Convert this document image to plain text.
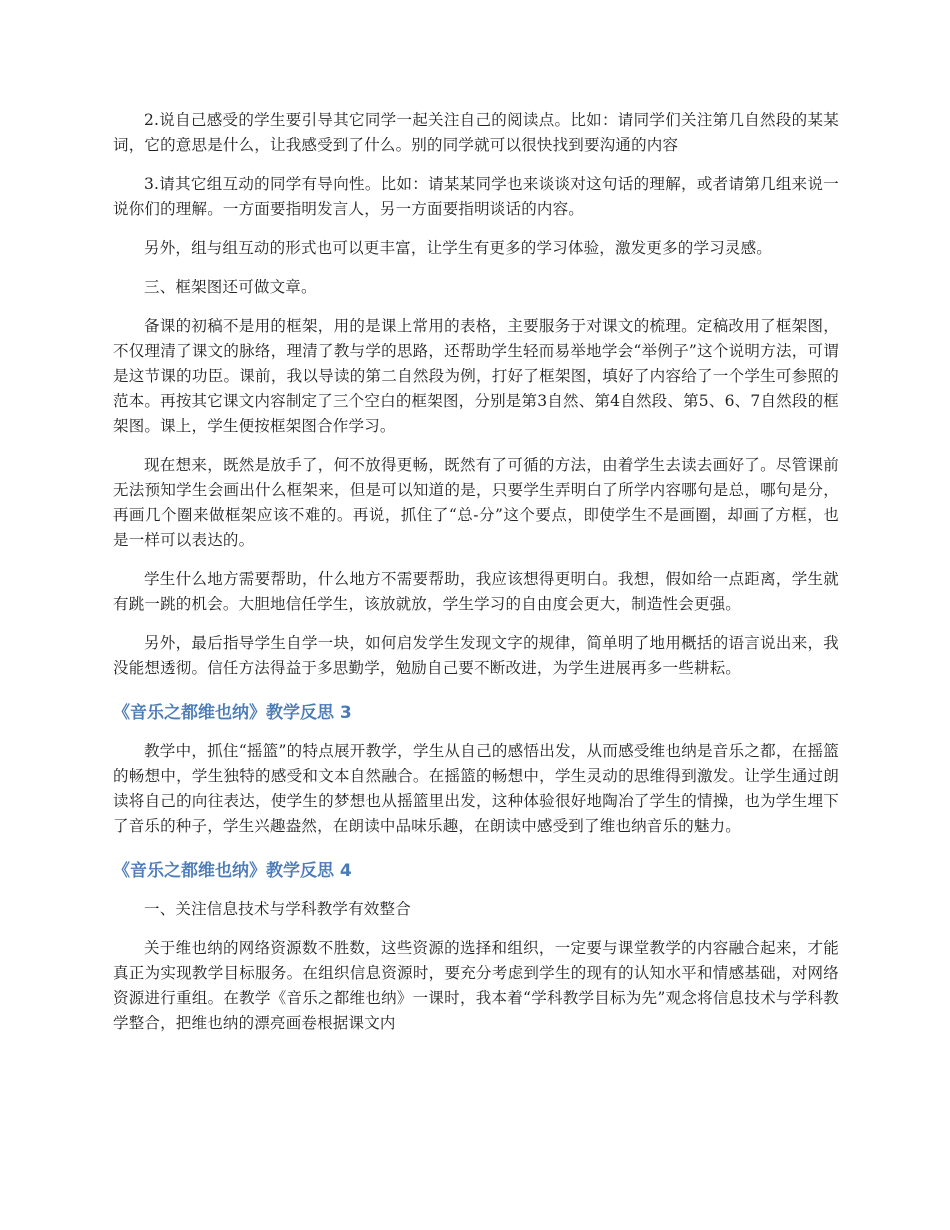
2.说自己感受的学生要引导其它同学一起关注自己的阅读点。比如：请同学们关注第几自然段的某某词，它的意思是什么，让我感受到了什么。别的同学就可以很快找到要沟通的内容

3.请其它组互动的同学有导向性。比如：请某某同学也来谈谈对这句话的理解，或者请第几组来说一说你们的理解。一方面要指明发言人，另一方面要指明谈话的内容。

另外，组与组互动的形式也可以更丰富，让学生有更多的学习体验，激发更多的学习灵感。

三、框架图还可做文章。

备课的初稿不是用的框架，用的是课上常用的表格，主要服务于对课文的梳理。定稿改用了框架图，不仅理清了课文的脉络，理清了教与学的思路，还帮助学生轻而易举地学会“举例子”这个说明方法，可谓是这节课的功臣。课前，我以导读的第二自然段为例，打好了框架图，填好了内容给了一个学生可参照的范本。再按其它课文内容制定了三个空白的框架图，分别是第3自然、第4自然段、第5、6、7自然段的框架图。课上，学生便按框架图合作学习。

现在想来，既然是放手了，何不放得更畅，既然有了可循的方法，由着学生去读去画好了。尽管课前无法预知学生会画出什么框架来，但是可以知道的是，只要学生弄明白了所学内容哪句是总，哪句是分，再画几个圈来做框架应该不难的。再说，抓住了“总-分”这个要点，即使学生不是画圈，却画了方框，也是一样可以表达的。

学生什么地方需要帮助，什么地方不需要帮助，我应该想得更明白。我想，假如给一点距离，学生就有跳一跳的机会。大胆地信任学生，该放就放，学生学习的自由度会更大，制造性会更强。

另外，最后指导学生自学一块，如何启发学生发现文字的规律，简单明了地用概括的语言说出来，我没能想透彻。信任方法得益于多思勤学，勉励自己要不断改进，为学生进展再多一些耕耘。

《音乐之都维也纳》教学反思 3

教学中，抓住“摇篮”的特点展开教学，学生从自己的感悟出发，从而感受维也纳是音乐之都，在摇篮的畅想中，学生独特的感受和文本自然融合。在摇篮的畅想中，学生灵动的思维得到激发。让学生通过朗读将自己的向往表达，使学生的梦想也从摇篮里出发，这种体验很好地陶冶了学生的情操，也为学生埋下了音乐的种子，学生兴趣盎然，在朗读中品味乐趣，在朗读中感受到了维也纳音乐的魅力。

《音乐之都维也纳》教学反思 4

一、关注信息技术与学科教学有效整合

关于维也纳的网络资源数不胜数，这些资源的选择和组织，一定要与课堂教学的内容融合起来，才能真正为实现教学目标服务。在组织信息资源时，要充分考虑到学生的现有的认知水平和情感基础，对网络资源进行重组。在教学《音乐之都维也纳》一课时，我本着“学科教学目标为先”观念将信息技术与学科教学整合，把维也纳的漂亮画卷根据课文内
